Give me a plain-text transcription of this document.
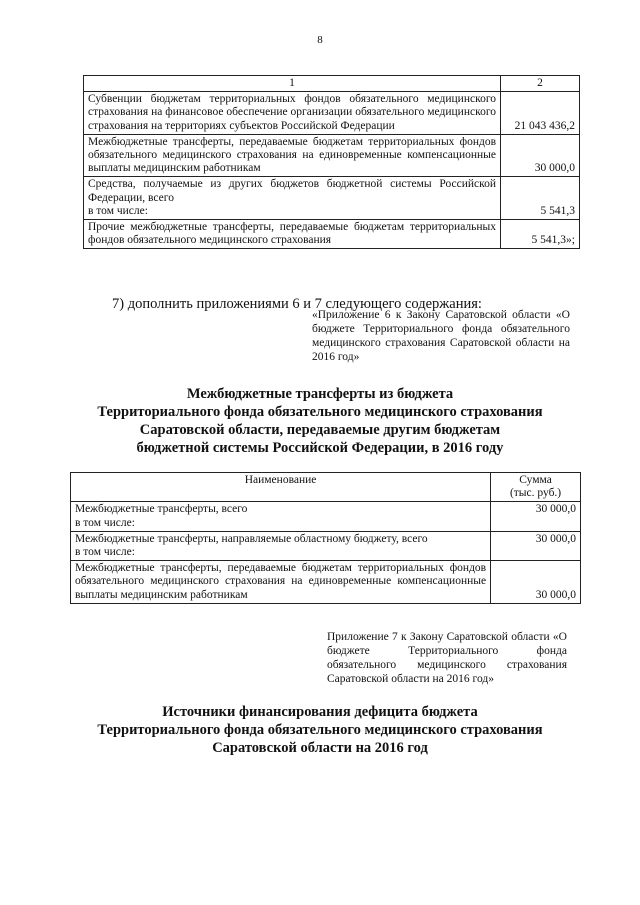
8
1	2
Субвенции бюджетам территориальных фондов обязательного медицинского страхования на финансовое обеспечение организации обязательного медицинского страхования на территориях субъектов Российской Федерации	21 043 436,2
Межбюджетные трансферты, передаваемые бюджетам территориальных фондов обязательного медицинского страхования на единовременные компенсационные выплаты медицинским работникам	30 000,0
Средства, получаемые из других бюджетов бюджетной системы Российской Федерации, всего
в том числе:	5 541,3
Прочие межбюджетные трансферты, передаваемые бюджетам территориальных фондов обязательного медицинского страхования	5 541,3»;
7) дополнить приложениями 6 и 7 следующего содержания:
«Приложение 6 к Закону Саратовской области «О бюджете Территориального фонда обязательного медицинского страхования Саратовской области на 2016 год»
Межбюджетные трансферты из бюджета
Территориального фонда обязательного медицинского страхования
Саратовской области, передаваемые другим бюджетам
бюджетной системы Российской Федерации, в 2016 году
Наименование	Сумма
(тыс. руб.)

Межбюджетные трансферты, всего
в том числе:	30 000,0
Межбюджетные трансферты, направляемые областному бюджету, всего
в том числе:	30 000,0
Межбюджетные трансферты, передаваемые бюджетам территориальных фондов обязательного медицинского страхования на единовременные компенсационные выплаты медицинским работникам	30 000,0
Приложение 7 к Закону Саратовской области «О бюджете Территориального фонда обязательного медицинского страхования Саратовской области на 2016 год»
Источники финансирования дефицита бюджета
Территориального фонда обязательного медицинского страхования
Саратовской области на 2016 год
